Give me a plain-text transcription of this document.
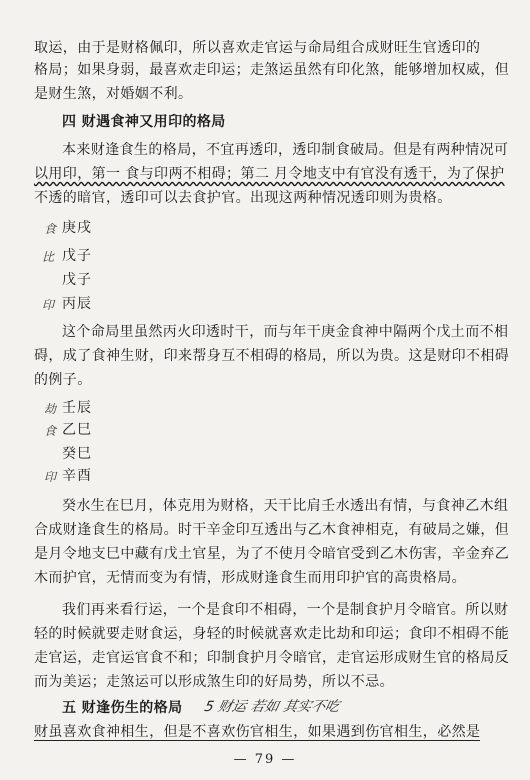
取运，由于是财格佩印，所以喜欢走官运与命局组合成财旺生官透印的
格局；如果身弱，最喜欢走印运；走煞运虽然有印化煞，能够增加权威，但
是财生煞，对婚姻不利。
四 财遇食神又用印的格局
本来财逢食生的格局，不宜再透印，透印制食破局。但是有两种情况可
以用印，第一 食与印两不相碍；第二 月令地支中有官没有透干，为了保护
不透的暗官，透印可以去食护官。出现这两种情况透印则为贵格。
食 庚戌
比 戊子
戊子
印 丙辰
这个命局里虽然丙火印透时干，而与年干庚金食神中隔两个戊土而不相
碍，成了食神生财，印来帮身互不相碍的格局，所以为贵。这是财印不相碍
的例子。
劫 壬辰
食 乙巳
癸巳
印 辛酉
癸水生在巳月，体克用为财格，天干比肩壬水透出有情，与食神乙木组
合成财逢食生的格局。时干辛金印互透出与乙木食神相克，有破局之嫌，但
是月令地支巳中藏有戊土官星，为了不使月令暗官受到乙木伤害，辛金弃乙
木而护官，无情而变为有情，形成财逢食生而用印护官的高贵格局。
我们再来看行运，一个是食印不相碍，一个是制食护月令暗官。所以财
轻的时候就要走财食运，身轻的时候就喜欢走比劫和印运；食印不相碍不能
走官运，走官运官食不和；印制食护月令暗官，走官运形成财生官的格局反
而为美运；走煞运可以形成煞生印的好局势，所以不忌。
五 财逢伤生的格局	5 财运 若如 其实不吃
财虽喜欢食神相生，但是不喜欢伤官相生，如果遇到伤官相生，必然是
— 79 —
